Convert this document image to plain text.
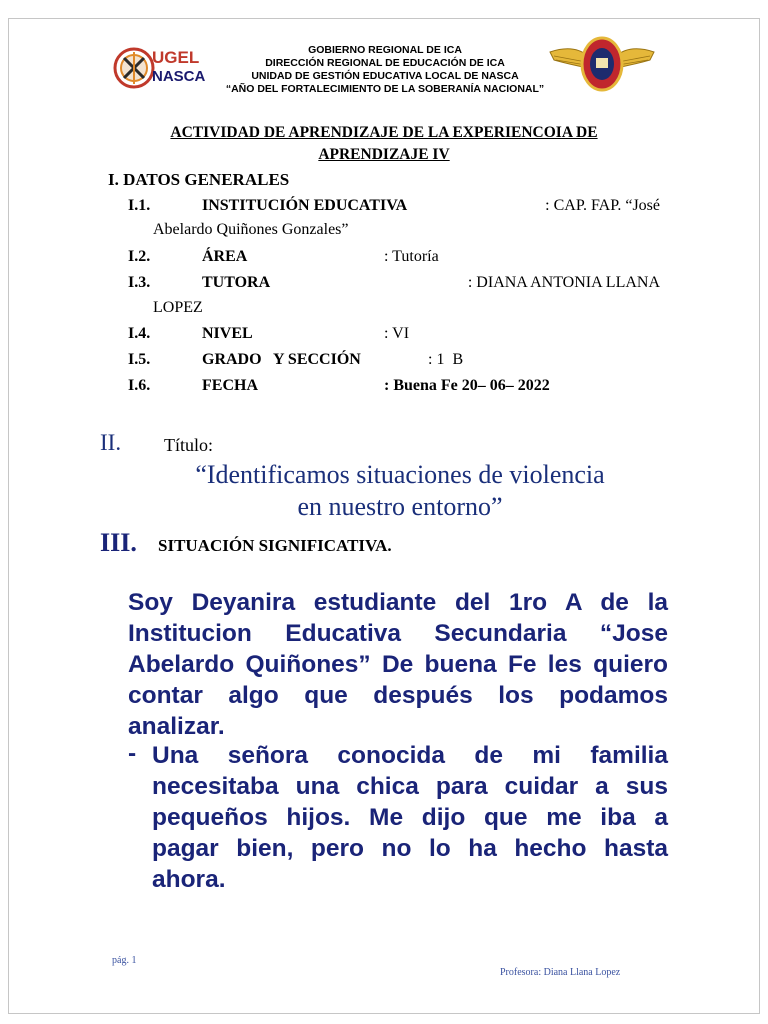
UGEL
NASCA
GOBIERNO REGIONAL DE ICA
DIRECCIÓN REGIONAL DE EDUCACIÓN DE ICA
UNIDAD DE GESTIÓN EDUCATIVA LOCAL DE NASCA
“AÑO DEL FORTALECIMIENTO DE LA SOBERANÍA NACIONAL”
ACTIVIDAD DE APRENDIZAJE DE LA EXPERIENCOIA DE
APRENDIZAJE IV
I. DATOS GENERALES
I.1.	INSTITUCIÓN EDUCATIVA	: CAP. FAP. “José
Abelardo Quiñones Gonzales”
I.2.	ÁREA	: Tutoría
I.3.	TUTORA	: DIANA ANTONIA LLANA
LOPEZ
I.4.	NIVEL	: VI
I.5.	GRADO   Y SECCIÓN	: 1  B
I.6.	FECHA	: Buena Fe 20– 06– 2022
II. Título:
“Identificamos situaciones de violencia
en nuestro entorno”
III. SITUACIÓN SIGNIFICATIVA.
Soy Deyanira estudiante del 1ro A de la
Institucion Educativa Secundaria “Jose
Abelardo Quiñones” De buena Fe les quiero
contar algo que después los podamos
analizar.
- Una señora conocida de mi familia
necesitaba una chica para cuidar a sus
pequeños hijos. Me dijo que me iba a
pagar bien, pero no lo ha hecho hasta
ahora.
pág. 1
Profesora: Diana Llana Lopez
